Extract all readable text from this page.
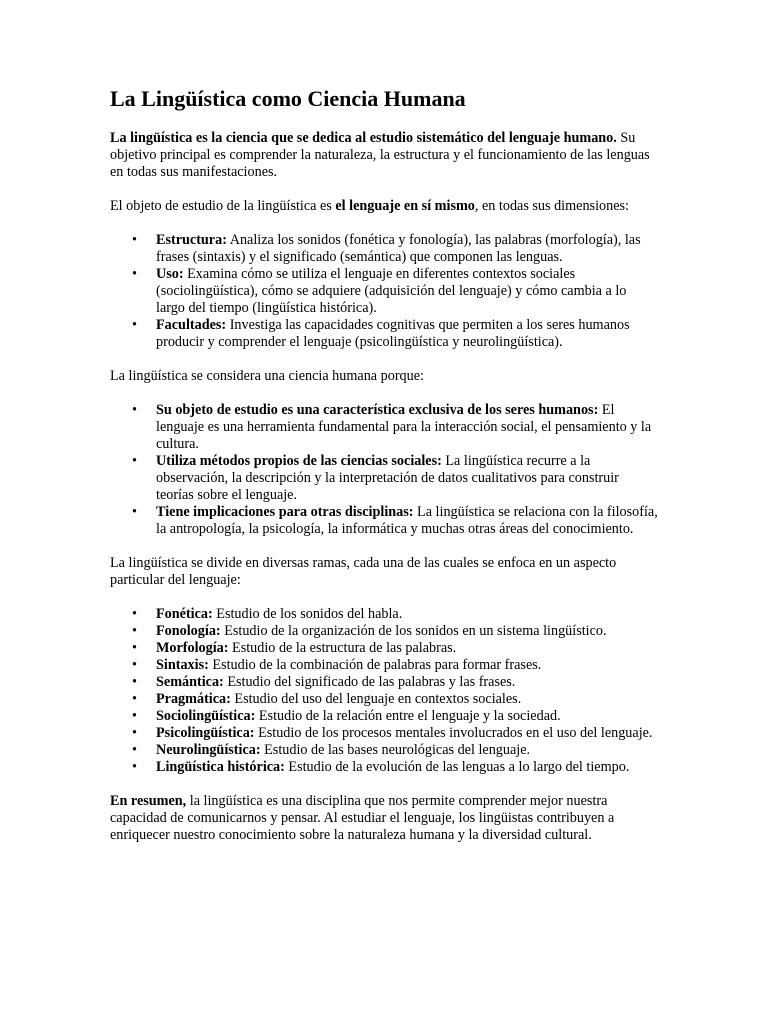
La Lingüística como Ciencia Humana

La lingüística es la ciencia que se dedica al estudio sistemático del lenguaje humano. Su objetivo principal es comprender la naturaleza, la estructura y el funcionamiento de las lenguas en todas sus manifestaciones.

El objeto de estudio de la lingüística es el lenguaje en sí mismo, en todas sus dimensiones:

• Estructura: Analiza los sonidos (fonética y fonología), las palabras (morfología), las frases (sintaxis) y el significado (semántica) que componen las lenguas.
• Uso: Examina cómo se utiliza el lenguaje en diferentes contextos sociales (sociolingüística), cómo se adquiere (adquisición del lenguaje) y cómo cambia a lo largo del tiempo (lingüística histórica).
• Facultades: Investiga las capacidades cognitivas que permiten a los seres humanos producir y comprender el lenguaje (psicolingüística y neurolingüística).

La lingüística se considera una ciencia humana porque:

• Su objeto de estudio es una característica exclusiva de los seres humanos: El lenguaje es una herramienta fundamental para la interacción social, el pensamiento y la cultura.
• Utiliza métodos propios de las ciencias sociales: La lingüística recurre a la observación, la descripción y la interpretación de datos cualitativos para construir teorías sobre el lenguaje.
• Tiene implicaciones para otras disciplinas: La lingüística se relaciona con la filosofía, la antropología, la psicología, la informática y muchas otras áreas del conocimiento.

La lingüística se divide en diversas ramas, cada una de las cuales se enfoca en un aspecto particular del lenguaje:

• Fonética: Estudio de los sonidos del habla.
• Fonología: Estudio de la organización de los sonidos en un sistema lingüístico.
• Morfología: Estudio de la estructura de las palabras.
• Sintaxis: Estudio de la combinación de palabras para formar frases.
• Semántica: Estudio del significado de las palabras y las frases.
• Pragmática: Estudio del uso del lenguaje en contextos sociales.
• Sociolingüística: Estudio de la relación entre el lenguaje y la sociedad.
• Psicolingüística: Estudio de los procesos mentales involucrados en el uso del lenguaje.
• Neurolingüística: Estudio de las bases neurológicas del lenguaje.
• Lingüística histórica: Estudio de la evolución de las lenguas a lo largo del tiempo.

En resumen, la lingüística es una disciplina que nos permite comprender mejor nuestra capacidad de comunicarnos y pensar. Al estudiar el lenguaje, los lingüistas contribuyen a enriquecer nuestro conocimiento sobre la naturaleza humana y la diversidad cultural.
